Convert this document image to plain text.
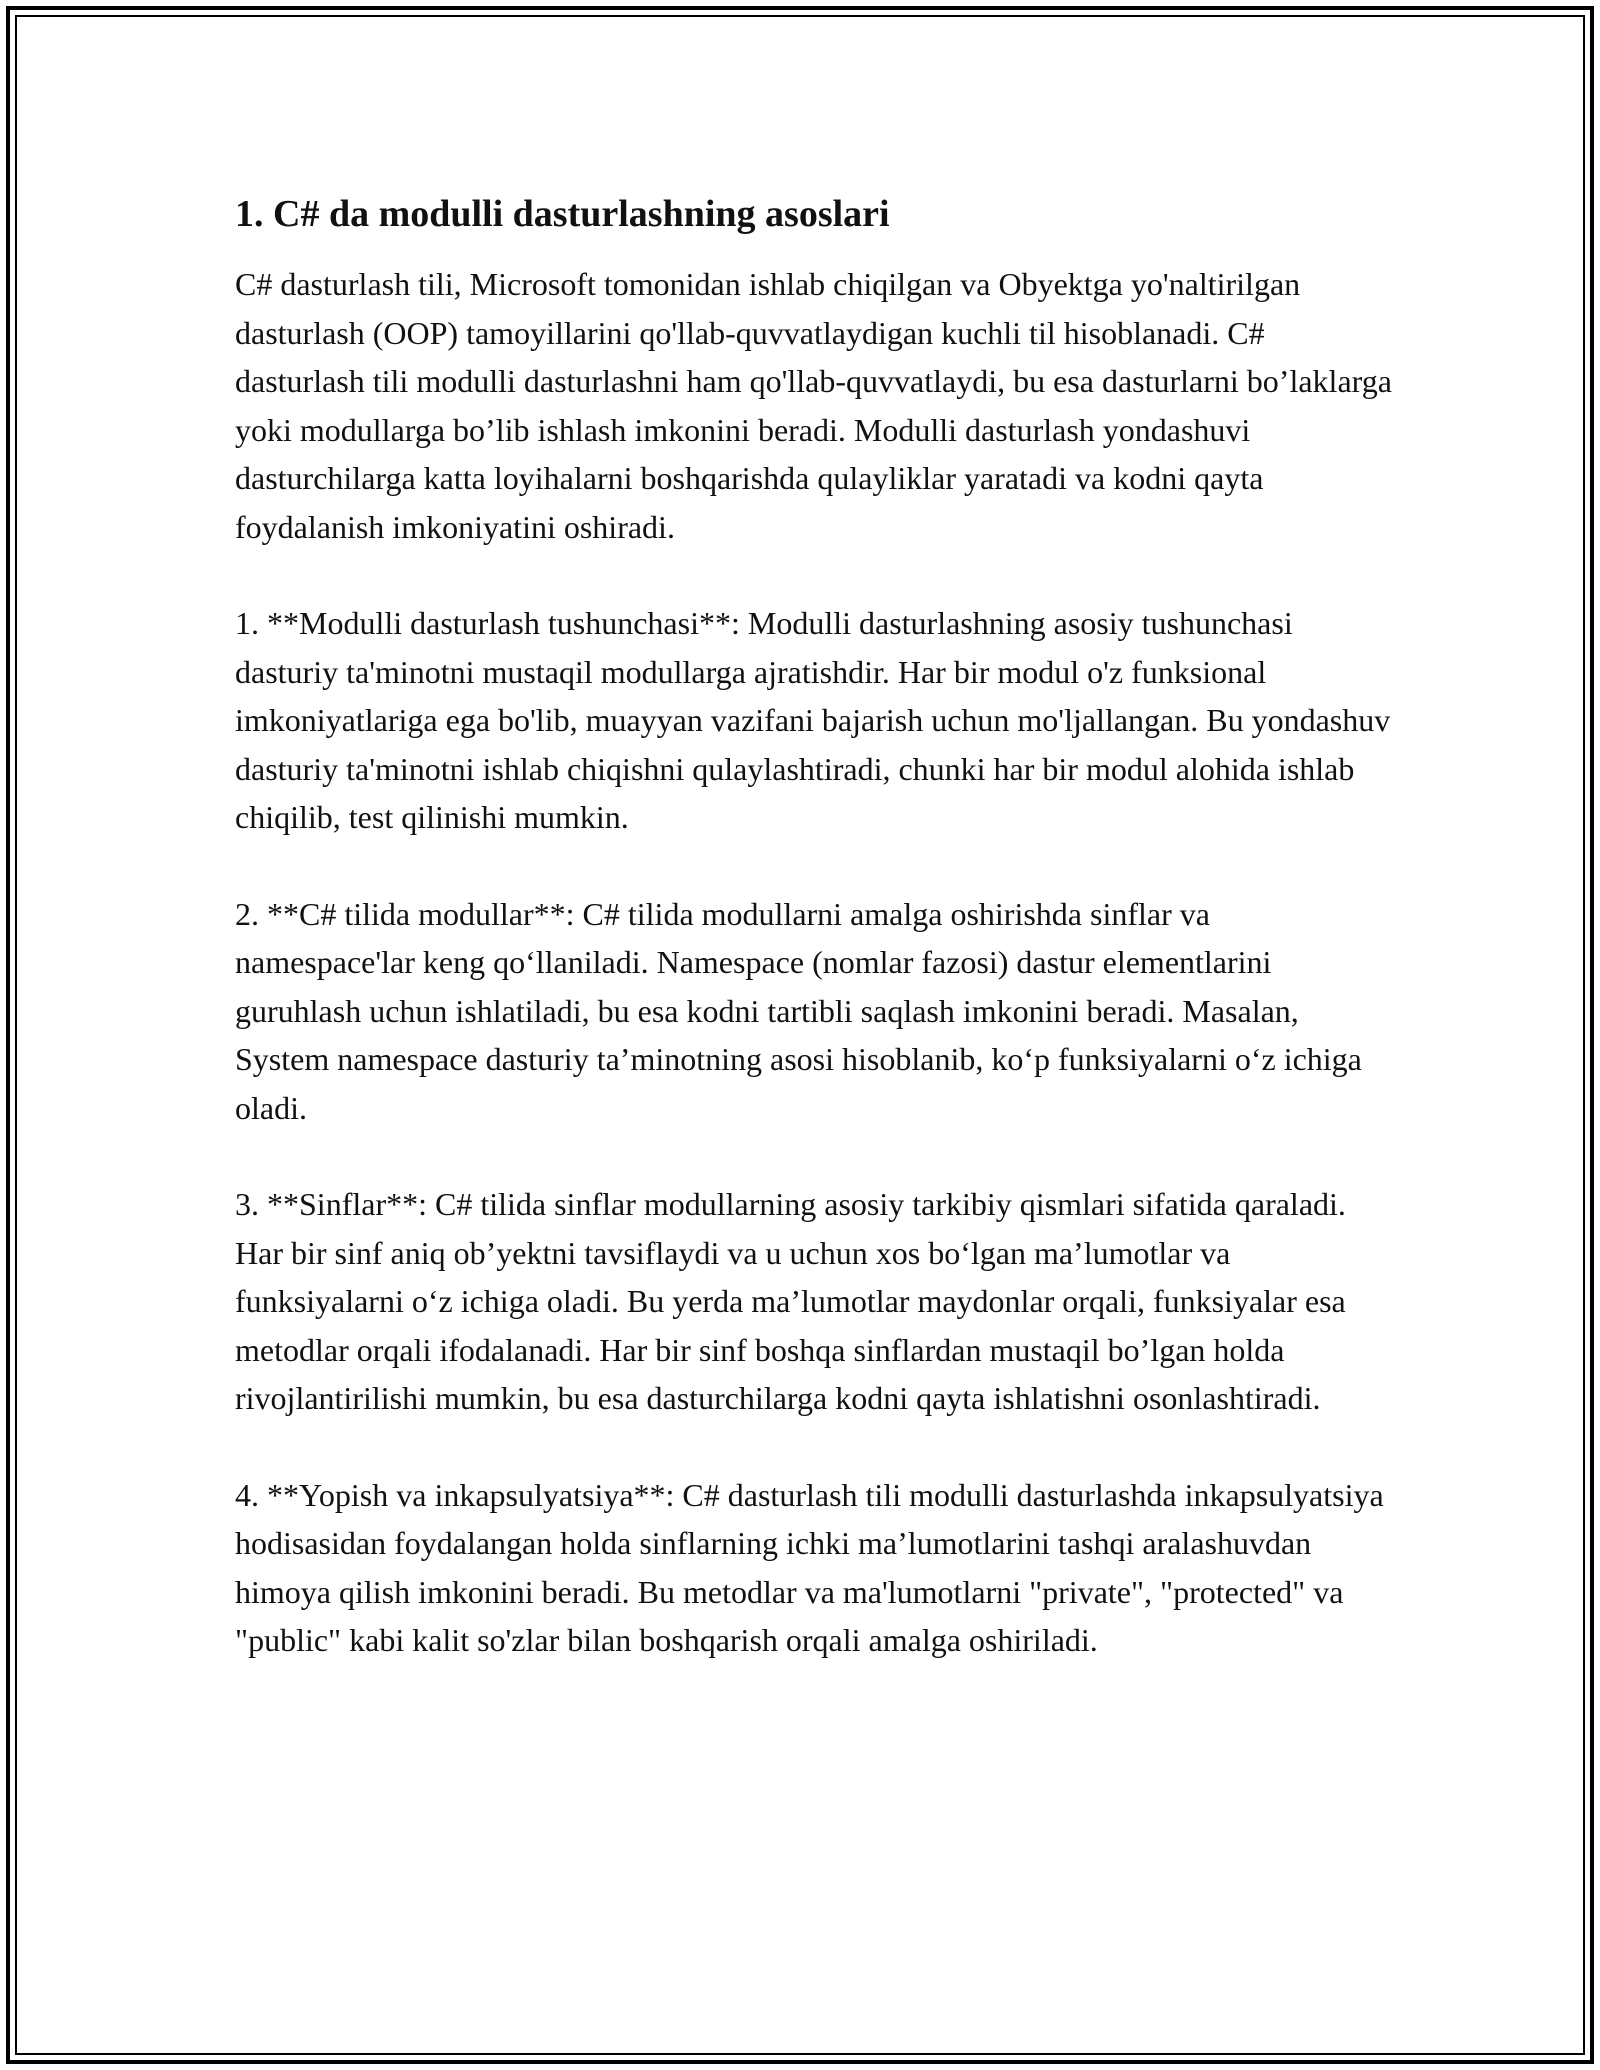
1. C# da modulli dasturlashning asoslari

C# dasturlash tili, Microsoft tomonidan ishlab chiqilgan va Obyektga yo'naltirilgan dasturlash (OOP) tamoyillarini qo'llab-quvvatlaydigan kuchli til hisoblanadi. C# dasturlash tili modulli dasturlashni ham qo'llab-quvvatlaydi, bu esa dasturlarni bo’laklarga yoki modullarga bo’lib ishlash imkonini beradi. Modulli dasturlash yondashuvi dasturchilarga katta loyihalarni boshqarishda qulayliklar yaratadi va kodni qayta foydalanish imkoniyatini oshiradi.

1. **Modulli dasturlash tushunchasi**: Modulli dasturlashning asosiy tushunchasi dasturiy ta'minotni mustaqil modullarga ajratishdir. Har bir modul o'z funksional imkoniyatlariga ega bo'lib, muayyan vazifani bajarish uchun mo'ljallangan. Bu yondashuv dasturiy ta'minotni ishlab chiqishni qulaylashtiradi, chunki har bir modul alohida ishlab chiqilib, test qilinishi mumkin.

2. **C# tilida modullar**: C# tilida modullarni amalga oshirishda sinflar va namespace'lar keng qo‘llaniladi. Namespace (nomlar fazosi) dastur elementlarini guruhlash uchun ishlatiladi, bu esa kodni tartibli saqlash imkonini beradi. Masalan, System namespace dasturiy ta’minotning asosi hisoblanib, ko‘p funksiyalarni o‘z ichiga oladi.

3. **Sinflar**: C# tilida sinflar modullarning asosiy tarkibiy qismlari sifatida qaraladi. Har bir sinf aniq ob’yektni tavsiflaydi va u uchun xos bo‘lgan ma’lumotlar va funksiyalarni o‘z ichiga oladi. Bu yerda ma’lumotlar maydonlar orqali, funksiyalar esa metodlar orqali ifodalanadi. Har bir sinf boshqa sinflardan mustaqil bo’lgan holda rivojlantirilishi mumkin, bu esa dasturchilarga kodni qayta ishlatishni osonlashtiradi.

4. **Yopish va inkapsulyatsiya**: C# dasturlash tili modulli dasturlashda inkapsulyatsiya hodisasidan foydalangan holda sinflarning ichki ma’lumotlarini tashqi aralashuvdan himoya qilish imkonini beradi. Bu metodlar va ma'lumotlarni "private", "protected" va "public" kabi kalit so'zlar bilan boshqarish orqali amalga oshiriladi.
